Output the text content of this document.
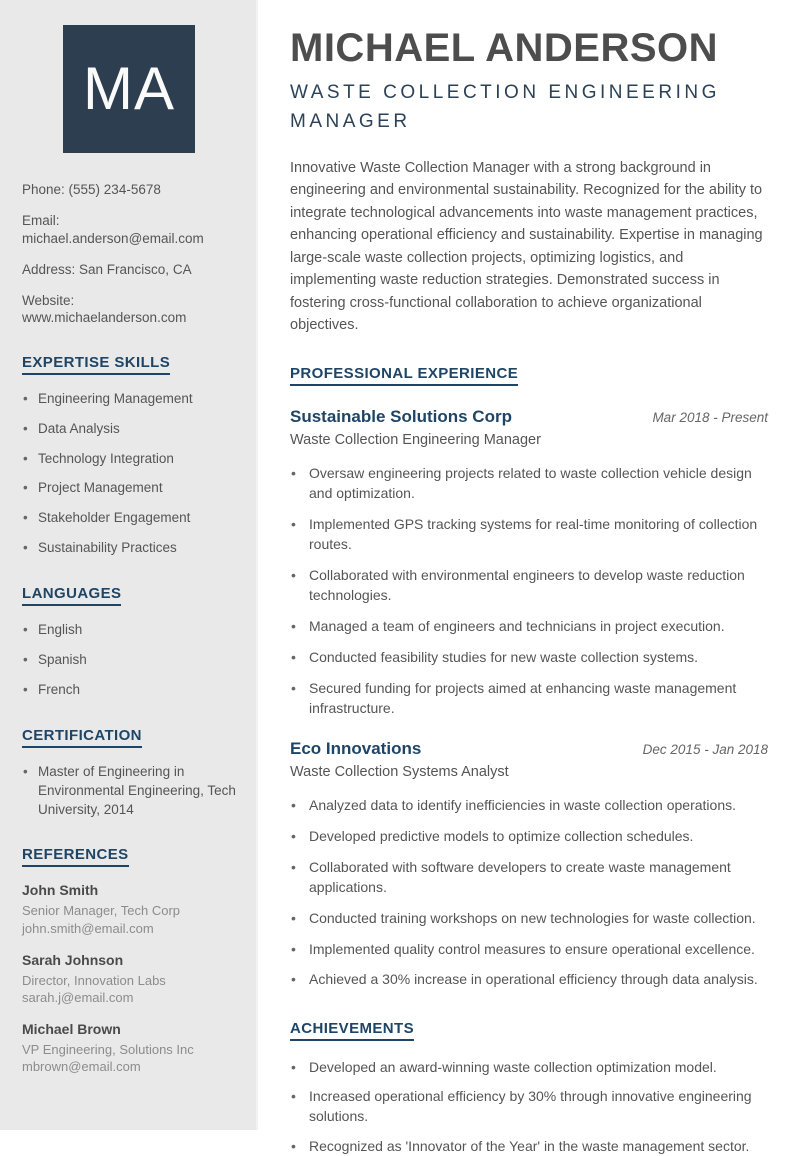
MA
Phone: (555) 234-5678
Email: michael.anderson@email.com
Address: San Francisco, CA
Website: www.michaelanderson.com
EXPERTISE SKILLS
• Engineering Management
• Data Analysis
• Technology Integration
• Project Management
• Stakeholder Engagement
• Sustainability Practices
LANGUAGES
• English
• Spanish
• French
CERTIFICATION
• Master of Engineering in Environmental Engineering, Tech University, 2014
REFERENCES
John Smith
Senior Manager, Tech Corp
john.smith@email.com
Sarah Johnson
Director, Innovation Labs
sarah.j@email.com
Michael Brown
VP Engineering, Solutions Inc
mbrown@email.com
MICHAEL ANDERSON
WASTE COLLECTION ENGINEERING MANAGER

Innovative Waste Collection Manager with a strong background in engineering and environmental sustainability. Recognized for the ability to integrate technological advancements into waste management practices, enhancing operational efficiency and sustainability. Expertise in managing large-scale waste collection projects, optimizing logistics, and implementing waste reduction strategies. Demonstrated success in fostering cross-functional collaboration to achieve organizational objectives.

PROFESSIONAL EXPERIENCE
Sustainable Solutions Corp	Mar 2018 - Present
Waste Collection Engineering Manager
• Oversaw engineering projects related to waste collection vehicle design and optimization.
• Implemented GPS tracking systems for real-time monitoring of collection routes.
• Collaborated with environmental engineers to develop waste reduction technologies.
• Managed a team of engineers and technicians in project execution.
• Conducted feasibility studies for new waste collection systems.
• Secured funding for projects aimed at enhancing waste management infrastructure.
Eco Innovations	Dec 2015 - Jan 2018
Waste Collection Systems Analyst
• Analyzed data to identify inefficiencies in waste collection operations.
• Developed predictive models to optimize collection schedules.
• Collaborated with software developers to create waste management applications.
• Conducted training workshops on new technologies for waste collection.
• Implemented quality control measures to ensure operational excellence.
• Achieved a 30% increase in operational efficiency through data analysis.
ACHIEVEMENTS
• Developed an award-winning waste collection optimization model.
• Increased operational efficiency by 30% through innovative engineering solutions.
• Recognized as 'Innovator of the Year' in the waste management sector.
